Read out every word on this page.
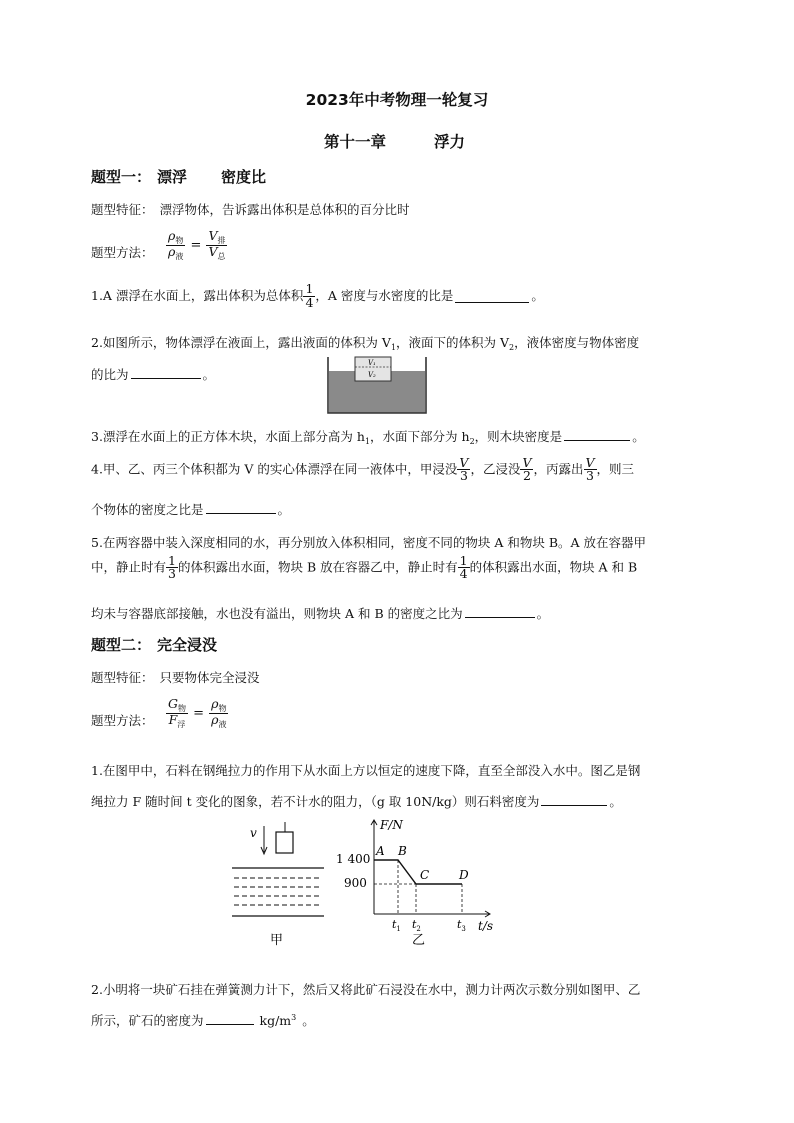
2023年中考物理一轮复习
第十一章	浮力
题型一： 漂浮 密度比
题型特征： 漂浮物体，告诉露出体积是总体积的百分比时
题型方法： $\frac{\rho_物}{\rho_液} = \frac{V_排}{V_总}$
1.A 漂浮在水面上，露出体积为总体积 $\frac{1}{4}$ ，A 密度与水密度的比是	。
2.如图所示，物体漂浮在液面上，露出液面的体积为 $V_1$，液面下的体积为 $V_2$，液体密度与物体密度
的比为	。
V₁
V₂
3.漂浮在水面上的正方体木块，水面上部分高为 $h_1$，水面下部分为 $h_2$，则木块密度是	。
4.甲、乙、丙三个体积都为 V 的实心体漂浮在同一液体中，甲浸没 $\frac{V}{3}$ ，乙浸没 $\frac{V}{2}$ ，丙露出 $\frac{V}{3}$ ，则三
个物体的密度之比是	。
5.在两容器中装入深度相同的水，再分别放入体积相同，密度不同的物块 A 和物块 B。A 放在容器甲
中，静止时有 $\frac{1}{3}$ 的体积露出水面，物块 B 放在容器乙中，静止时有 $\frac{1}{4}$ 的体积露出水面，物块 A 和 B
均未与容器底部接触，水也没有溢出，则物块 A 和 B 的密度之比为	。
题型二： 完全浸没
题型特征： 只要物体完全浸没
题型方法： $\frac{G_物}{F_浮} = \frac{\rho_物}{\rho_液}$
1.在图甲中，石料在钢绳拉力的作用下从水面上方以恒定的速度下降，直至全部没入水中。图乙是钢
绳拉力 F 随时间 t 变化的图象，若不计水的阻力，（g 取 10N/kg）则石料密度为	。
v
甲
F/N
t/s
1 400
900
A B
C D
$t_1$ $t_2$	$t_3$
乙
2.小明将一块矿石挂在弹簧测力计下，然后又将此矿石浸没在水中，测力计两次示数分别如图甲、乙
所示，矿石的密度为	$kg/m^3$ 。
